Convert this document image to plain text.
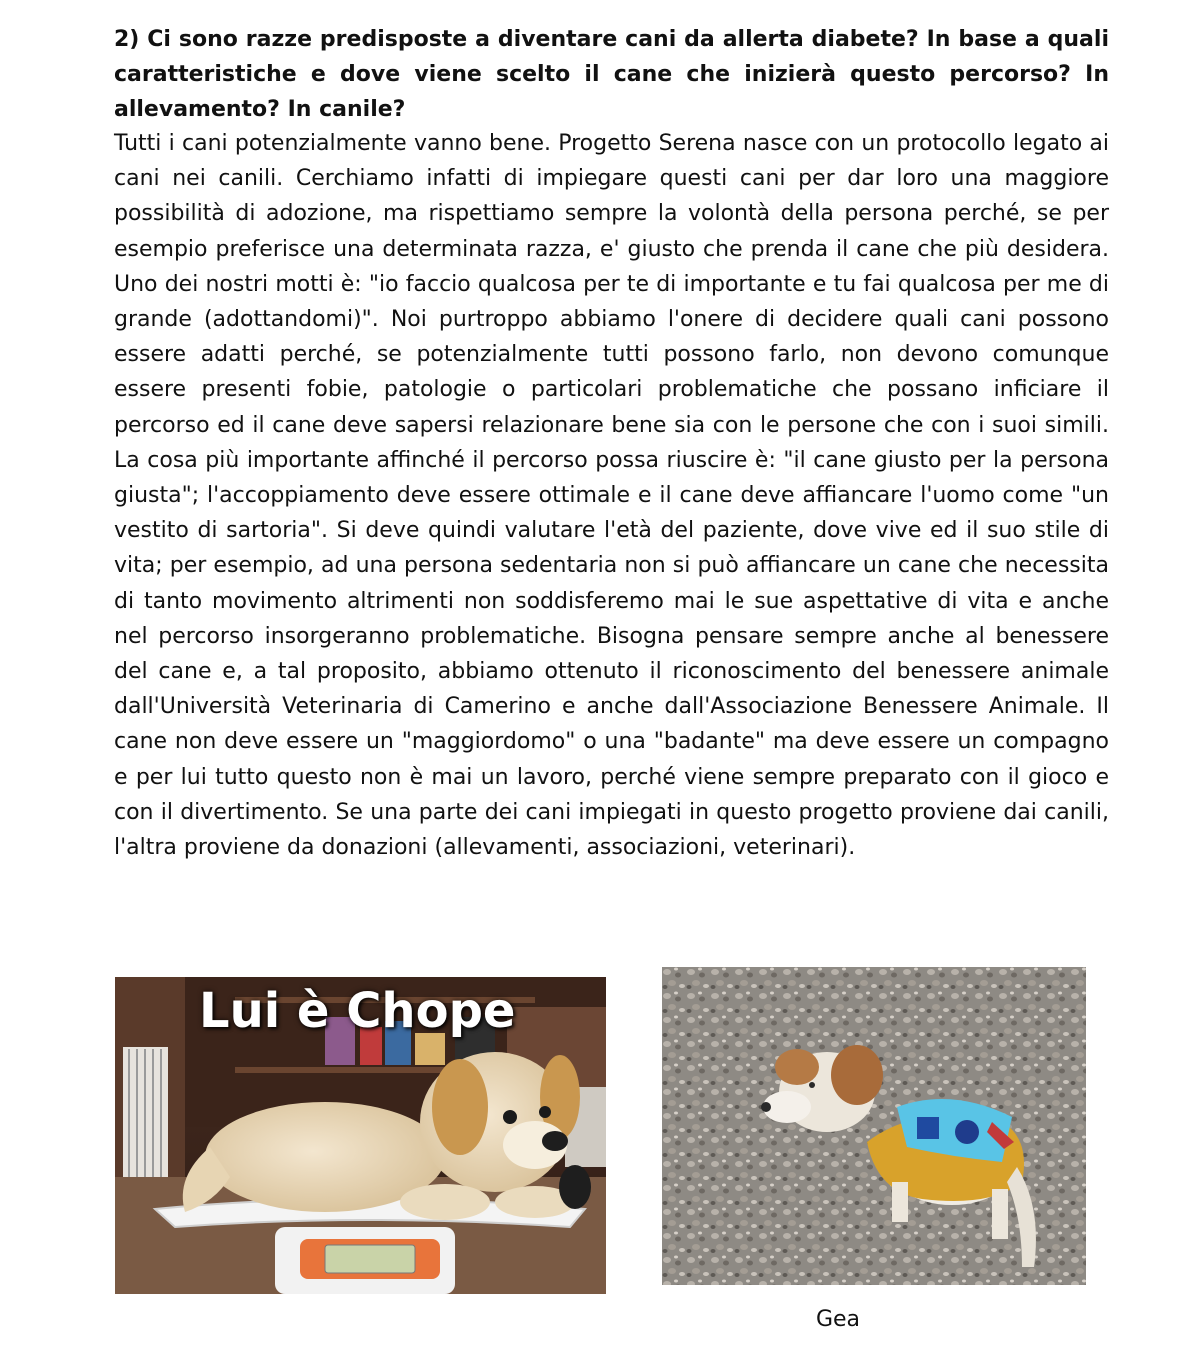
2) Ci sono razze predisposte a diventare cani da allerta diabete? In base a quali caratteristiche e dove viene scelto il cane che inizierà questo percorso? In allevamento? In canile?

Tutti i cani potenzialmente vanno bene. Progetto Serena nasce con un protocollo legato ai cani nei canili. Cerchiamo infatti di impiegare questi cani per dar loro una maggiore possibilità di adozione, ma rispettiamo sempre la volontà della persona perché, se per esempio preferisce una determinata razza, e' giusto che prenda il cane che più desidera. Uno dei nostri motti è: "io faccio qualcosa per te di importante e tu fai qualcosa per me di grande (adottandomi)". Noi purtroppo abbiamo l'onere di decidere quali cani possono essere adatti perché, se potenzialmente tutti possono farlo, non devono comunque essere presenti fobie, patologie o particolari problematiche che possano inficiare il percorso ed il cane deve sapersi relazionare bene sia con le persone che con i suoi simili. La cosa più importante affinché il percorso possa riuscire è: "il cane giusto per la persona giusta"; l'accoppiamento deve essere ottimale e il cane deve affiancare l'uomo come "un vestito di sartoria". Si deve quindi valutare l'età del paziente, dove vive ed il suo stile di vita; per esempio, ad una persona sedentaria non si può affiancare un cane che necessita di tanto movimento altrimenti non soddisferemo mai le sue aspettative di vita e anche nel percorso insorgeranno problematiche. Bisogna pensare sempre anche al benessere del cane e, a tal proposito, abbiamo ottenuto il riconoscimento del benessere animale dall'Università Veterinaria di Camerino e anche dall'Associazione Benessere Animale. Il cane non deve essere un "maggiordomo" o una "badante" ma deve essere un compagno e per lui tutto questo non è mai un lavoro, perché viene sempre preparato con il gioco e con il divertimento. Se una parte dei cani impiegati in questo progetto proviene dai canili, l'altra proviene da donazioni (allevamenti, associazioni, veterinari).

Lui è Chope
Gea
